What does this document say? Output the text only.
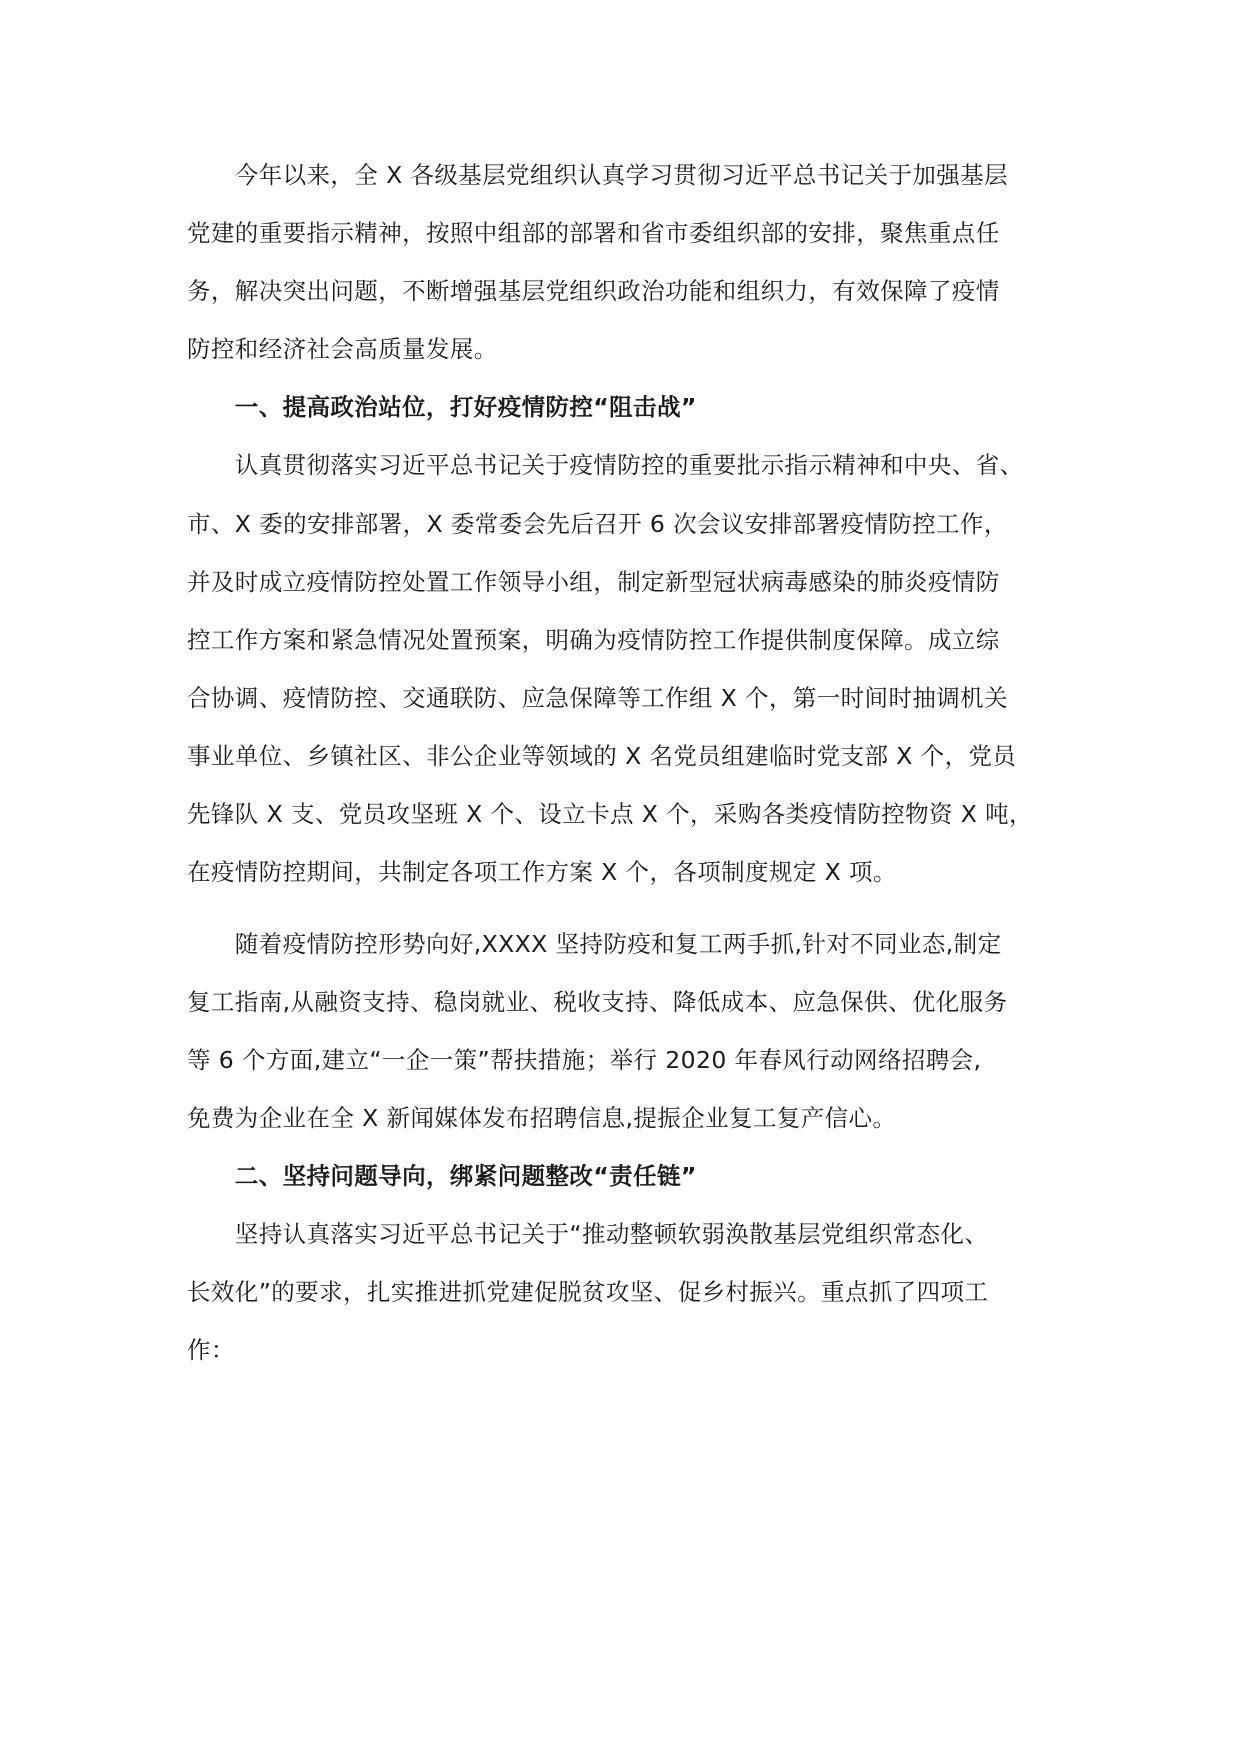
　　今年以来，全 X 各级基层党组织认真学习贯彻习近平总书记关于加强基层
党建的重要指示精神，按照中组部的部署和省市委组织部的安排，聚焦重点任
务，解决突出问题，不断增强基层党组织政治功能和组织力，有效保障了疫情
防控和经济社会高质量发展。
　　一、提高政治站位，打好疫情防控“阻击战”
　　认真贯彻落实习近平总书记关于疫情防控的重要批示指示精神和中央、省、
市、X 委的安排部署，X 委常委会先后召开 6 次会议安排部署疫情防控工作，
并及时成立疫情防控处置工作领导小组，制定新型冠状病毒感染的肺炎疫情防
控工作方案和紧急情况处置预案，明确为疫情防控工作提供制度保障。成立综
合协调、疫情防控、交通联防、应急保障等工作组 X 个，第一时间时抽调机关
事业单位、乡镇社区、非公企业等领域的 X 名党员组建临时党支部 X 个，党员
先锋队 X 支、党员攻坚班 X 个、设立卡点 X 个，采购各类疫情防控物资 X 吨，
在疫情防控期间，共制定各项工作方案 X 个，各项制度规定 X 项。
　　随着疫情防控形势向好,XXXX 坚持防疫和复工两手抓,针对不同业态,制定
复工指南,从融资支持、稳岗就业、税收支持、降低成本、应急保供、优化服务
等 6 个方面,建立“一企一策”帮扶措施；举行 2020 年春风行动网络招聘会,
免费为企业在全 X 新闻媒体发布招聘信息,提振企业复工复产信心。
　　二、坚持问题导向，绑紧问题整改“责任链”
　　坚持认真落实习近平总书记关于“推动整顿软弱涣散基层党组织常态化、
长效化”的要求，扎实推进抓党建促脱贫攻坚、促乡村振兴。重点抓了四项工
作：
